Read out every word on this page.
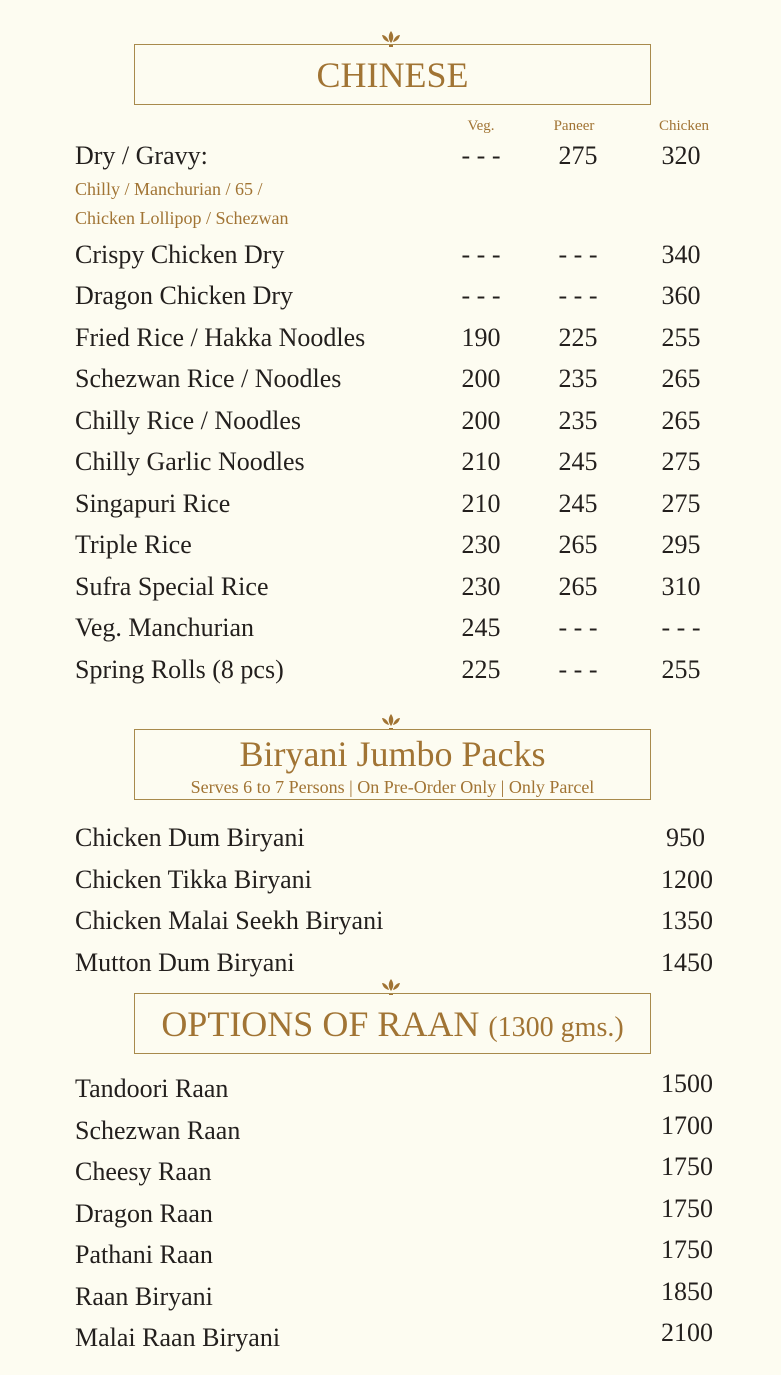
CHINESE
Veg.	Paneer	Chicken
Dry / Gravy:	- - -	275	320
Chilly / Manchurian / 65 /
Chicken Lollipop / Schezwan
Crispy Chicken Dry	- - -	- - -	340
Dragon Chicken Dry	- - -	- - -	360
Fried Rice / Hakka Noodles	190	225	255
Schezwan Rice / Noodles	200	235	265
Chilly Rice / Noodles	200	235	265
Chilly Garlic Noodles	210	245	275
Singapuri Rice	210	245	275
Triple Rice	230	265	295
Sufra Special Rice	230	265	310
Veg. Manchurian	245	- - -	- - -
Spring Rolls (8 pcs)	225	- - -	255
Biryani Jumbo Packs
Serves 6 to 7 Persons | On Pre-Order Only | Only Parcel
Chicken Dum Biryani	950
Chicken Tikka Biryani	1200
Chicken Malai Seekh Biryani	1350
Mutton Dum Biryani	1450
OPTIONS OF RAAN (1300 gms.)
Tandoori Raan	1500
Schezwan Raan	1700
Cheesy Raan	1750
Dragon Raan	1750
Pathani Raan	1750
Raan Biryani	1850
Malai Raan Biryani	2100
